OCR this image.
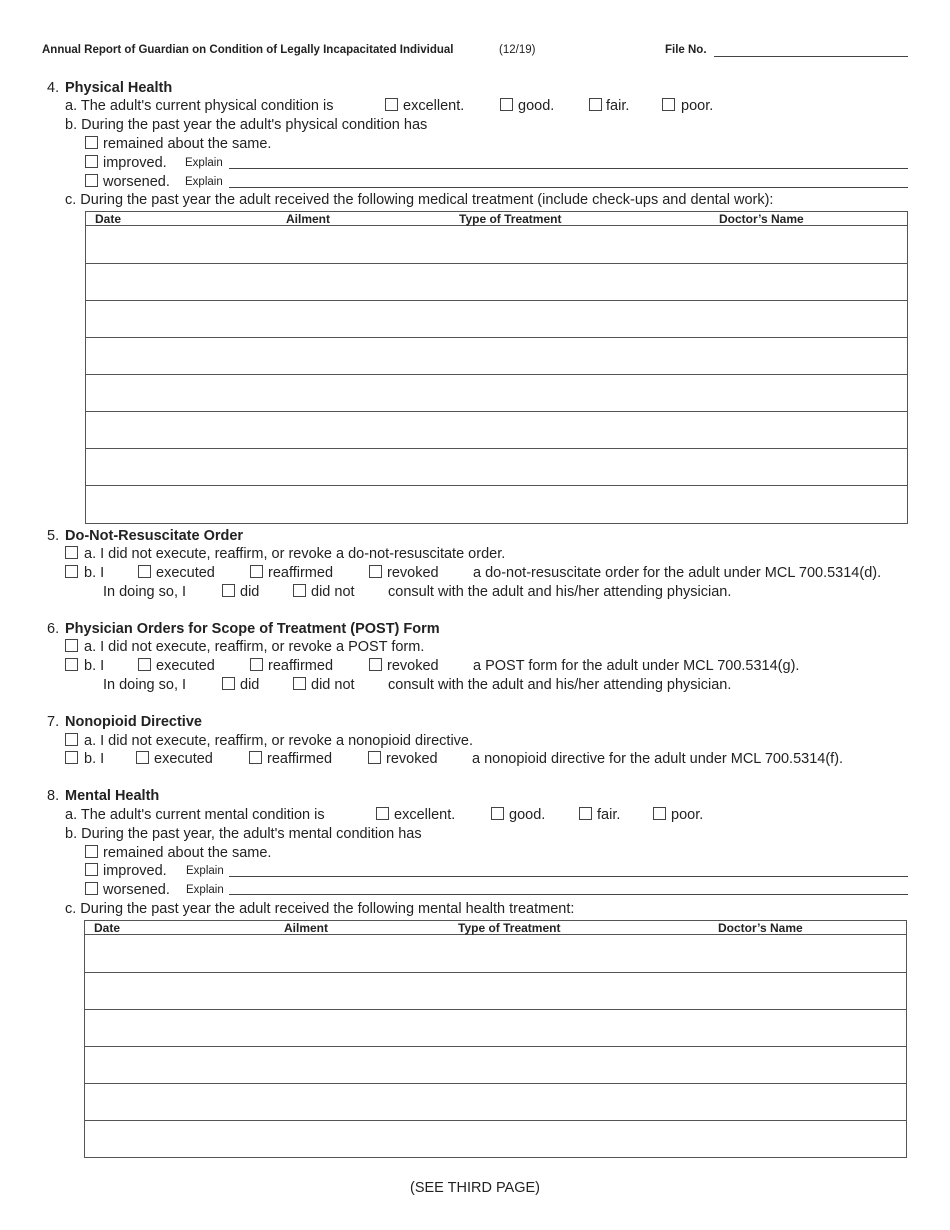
Annual Report of Guardian on Condition of Legally Incapacitated Individual	(12/19)	File No.
4. Physical Health
a. The adult's current physical condition is	excellent.	good.	fair.	poor.
b. During the past year the adult's physical condition has
remained about the same.
improved. Explain
worsened. Explain
c. During the past year the adult received the following medical treatment (include check-ups and dental work):
Date	Ailment	Type of Treatment	Doctor’s Name
5. Do-Not-Resuscitate Order
a. I did not execute, reaffirm, or revoke a do-not-resuscitate order.
b. I	executed	reaffirmed	revoked a do-not-resuscitate order for the adult under MCL 700.5314(d).
In doing so, I	did	did not consult with the adult and his/her attending physician.
6. Physician Orders for Scope of Treatment (POST) Form
a. I did not execute, reaffirm, or revoke a POST form.
b. I	executed	reaffirmed	revoked a POST form for the adult under MCL 700.5314(g).
In doing so, I	did	did not consult with the adult and his/her attending physician.
7. Nonopioid Directive
a. I did not execute, reaffirm, or revoke a nonopioid directive.
b. I	executed	reaffirmed	revoked a nonopioid directive for the adult under MCL 700.5314(f).
8. Mental Health
a. The adult's current mental condition is	excellent.	good.	fair.	poor.
b. During the past year, the adult's mental condition has
remained about the same.
improved. Explain
worsened. Explain
c. During the past year the adult received the following mental health treatment:
Date	Ailment	Type of Treatment	Doctor’s Name
(SEE THIRD PAGE)
